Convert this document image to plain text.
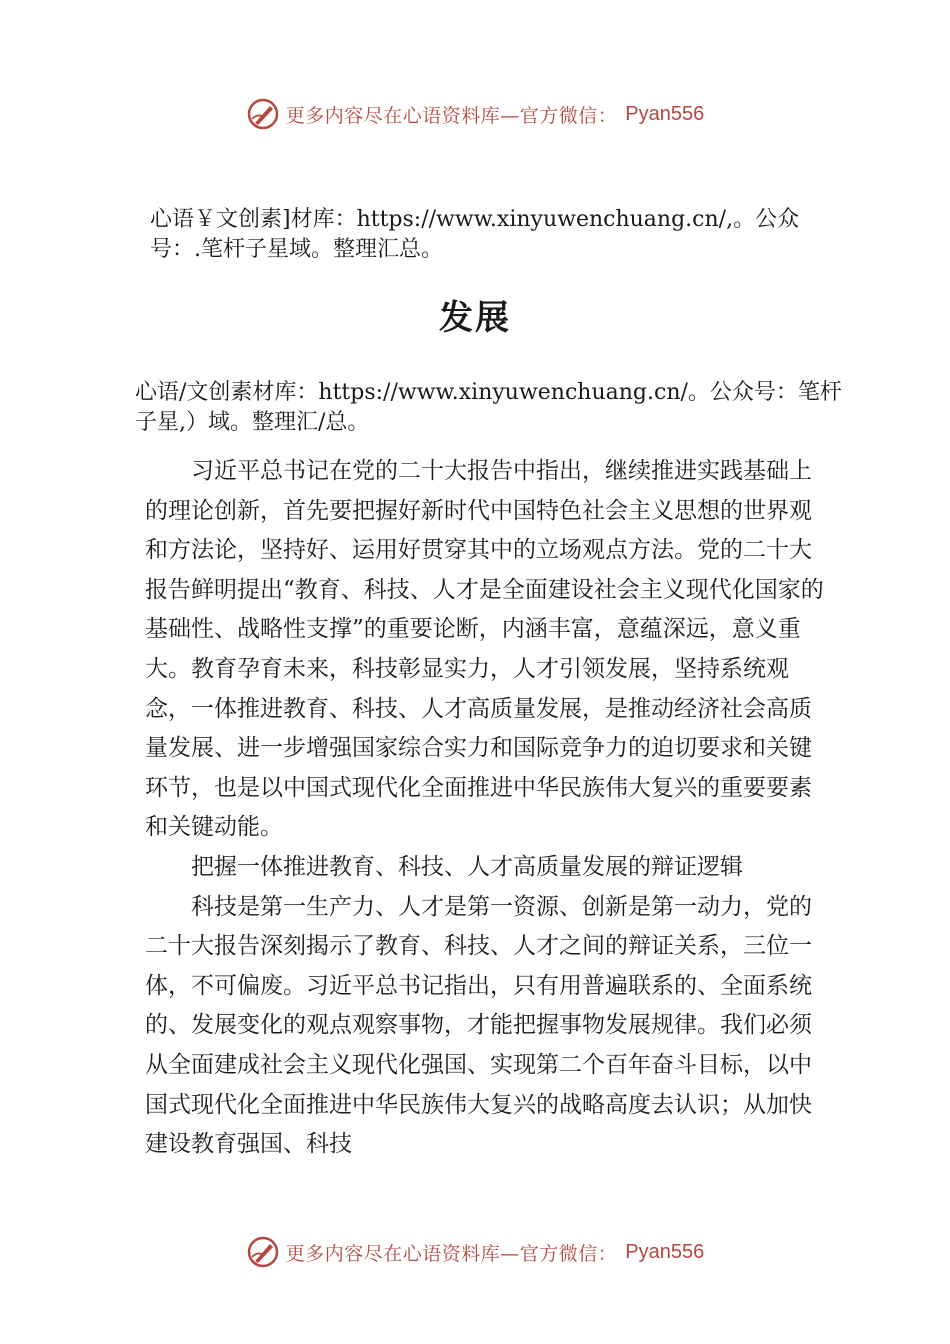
更多内容尽在心语资料库—官方微信： Pyan556
心语￥文创素]材库：https://www.xinyuwenchuang.cn/,。公众号：.笔杆子星域。整理汇总。
发展
心语/文创素材库：https://www.xinyuwenchuang.cn/。公众号：笔杆子星,）域。整理汇/总。

习近平总书记在党的二十大报告中指出，继续推进实践基础上的理论创新，首先要把握好新时代中国特色社会主义思想的世界观和方法论，坚持好、运用好贯穿其中的立场观点方法。党的二十大报告鲜明提出“教育、科技、人才是全面建设社会主义现代化国家的基础性、战略性支撑”的重要论断，内涵丰富，意蕴深远，意义重大。教育孕育未来，科技彰显实力，人才引领发展，坚持系统观念，一体推进教育、科技、人才高质量发展，是推动经济社会高质量发展、进一步增强国家综合实力和国际竞争力的迫切要求和关键环节，也是以中国式现代化全面推进中华民族伟大复兴的重要要素和关键动能。

把握一体推进教育、科技、人才高质量发展的辩证逻辑

科技是第一生产力、人才是第一资源、创新是第一动力，党的二十大报告深刻揭示了教育、科技、人才之间的辩证关系，三位一体，不可偏废。习近平总书记指出，只有用普遍联系的、全面系统的、发展变化的观点观察事物，才能把握事物发展规律。我们必须从全面建成社会主义现代化强国、实现第二个百年奋斗目标，以中国式现代化全面推进中华民族伟大复兴的战略高度去认识；从加快建设教育强国、科技

更多内容尽在心语资料库—官方微信： Pyan556
